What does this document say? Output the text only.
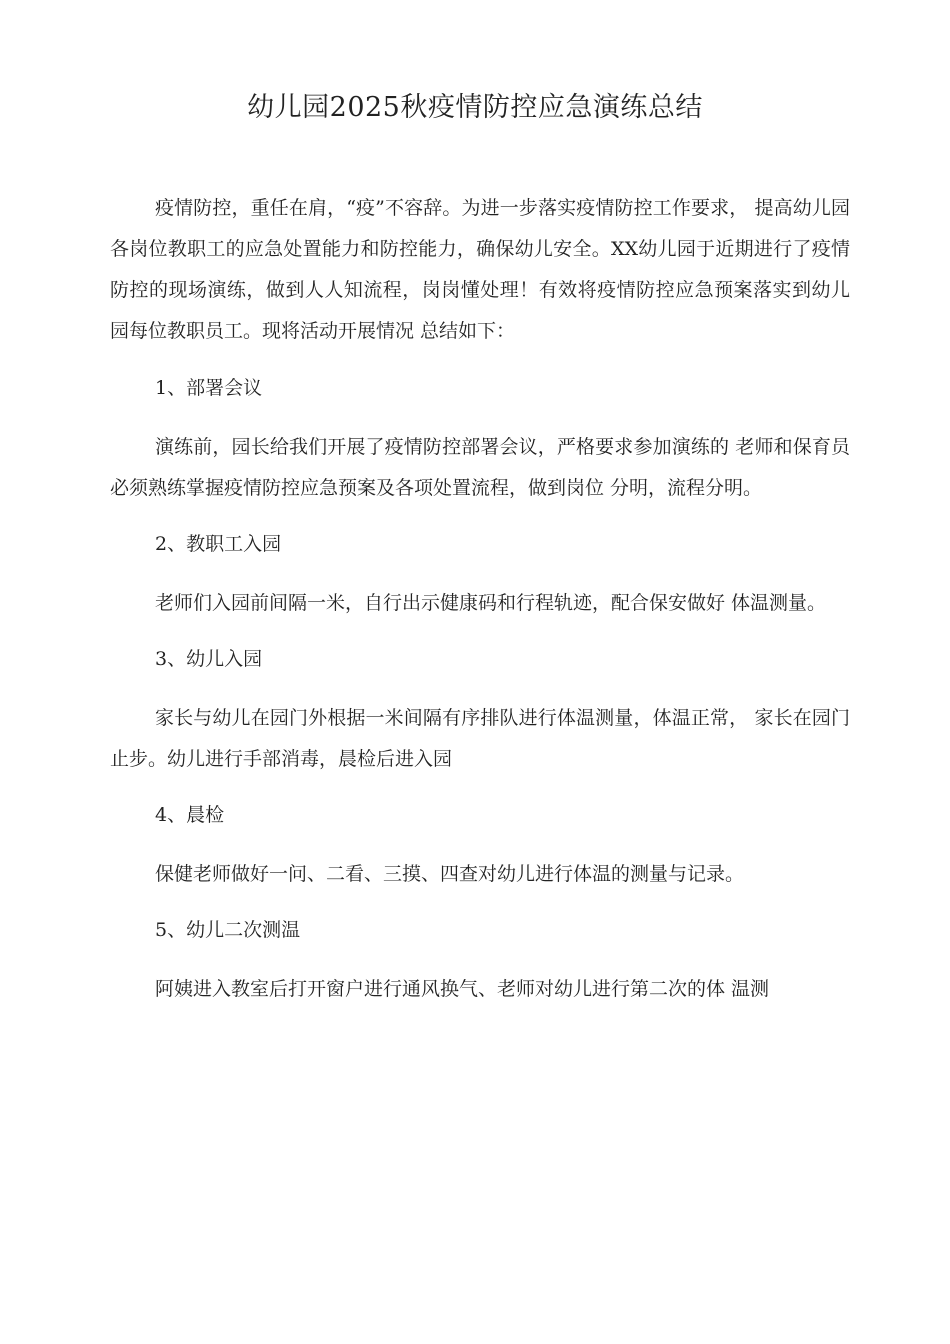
幼儿园2025秋疫情防控应急演练总结

疫情防控，重任在肩，“疫”不容辞。为进一步落实疫情防控工作要求， 提高幼儿园各岗位教职工的应急处置能力和防控能力，确保幼儿安全。XX幼儿园于近期进行了疫情防控的现场演练，做到人人知流程，岗岗懂处理！有效将疫情防控应急预案落实到幼儿园每位教职员工。现将活动开展情况 总结如下：

1、部署会议

演练前，园长给我们开展了疫情防控部署会议，严格要求参加演练的 老师和保育员必须熟练掌握疫情防控应急预案及各项处置流程，做到岗位 分明，流程分明。

2、教职工入园

老师们入园前间隔一米，自行出示健康码和行程轨迹，配合保安做好 体温测量。

3、幼儿入园

家长与幼儿在园门外根据一米间隔有序排队进行体温测量，体温正常， 家长在园门止步。幼儿进行手部消毒，晨检后进入园

4、晨检

保健老师做好一问、二看、三摸、四查对幼儿进行体温的测量与记录。

5、幼儿二次测温

阿姨进入教室后打开窗户进行通风换气、老师对幼儿进行第二次的体 温测
